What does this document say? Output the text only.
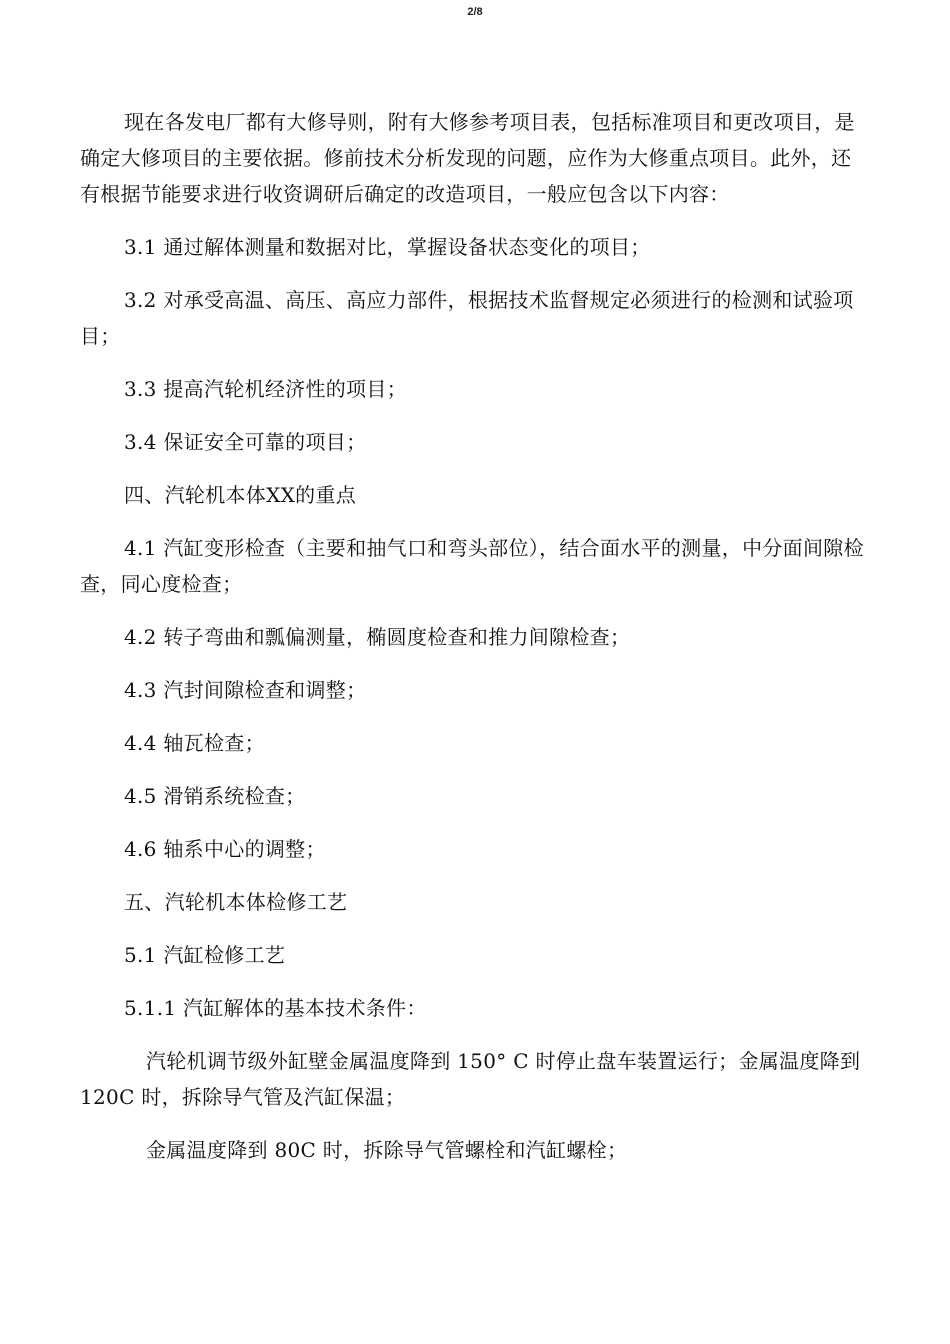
2/8

现在各发电厂都有大修导则，附有大修参考项目表，包括标准项目和更改项目，是确定大修项目的主要依据。修前技术分析发现的问题，应作为大修重点项目。此外，还有根据节能要求进行收资调研后确定的改造项目，一般应包含以下内容：

3.1 通过解体测量和数据对比，掌握设备状态变化的项目；

3.2 对承受高温、高压、高应力部件，根据技术监督规定必须进行的检测和试验项目；

3.3 提高汽轮机经济性的项目；

3.4 保证安全可靠的项目；

四、汽轮机本体XX的重点

4.1 汽缸变形检查（主要和抽气口和弯头部位），结合面水平的测量，中分面间隙检查，同心度检查；

4.2 转子弯曲和瓢偏测量，椭圆度检查和推力间隙检查；

4.3 汽封间隙检查和调整；

4.4 轴瓦检查；

4.5 滑销系统检查；

4.6 轴系中心的调整；

五、汽轮机本体检修工艺

5.1 汽缸检修工艺

5.1.1 汽缸解体的基本技术条件：

汽轮机调节级外缸壁金属温度降到 150° C 时停止盘车装置运行；金属温度降到 120C 时，拆除导气管及汽缸保温；

金属温度降到 80C 时，拆除导气管螺栓和汽缸螺栓；
